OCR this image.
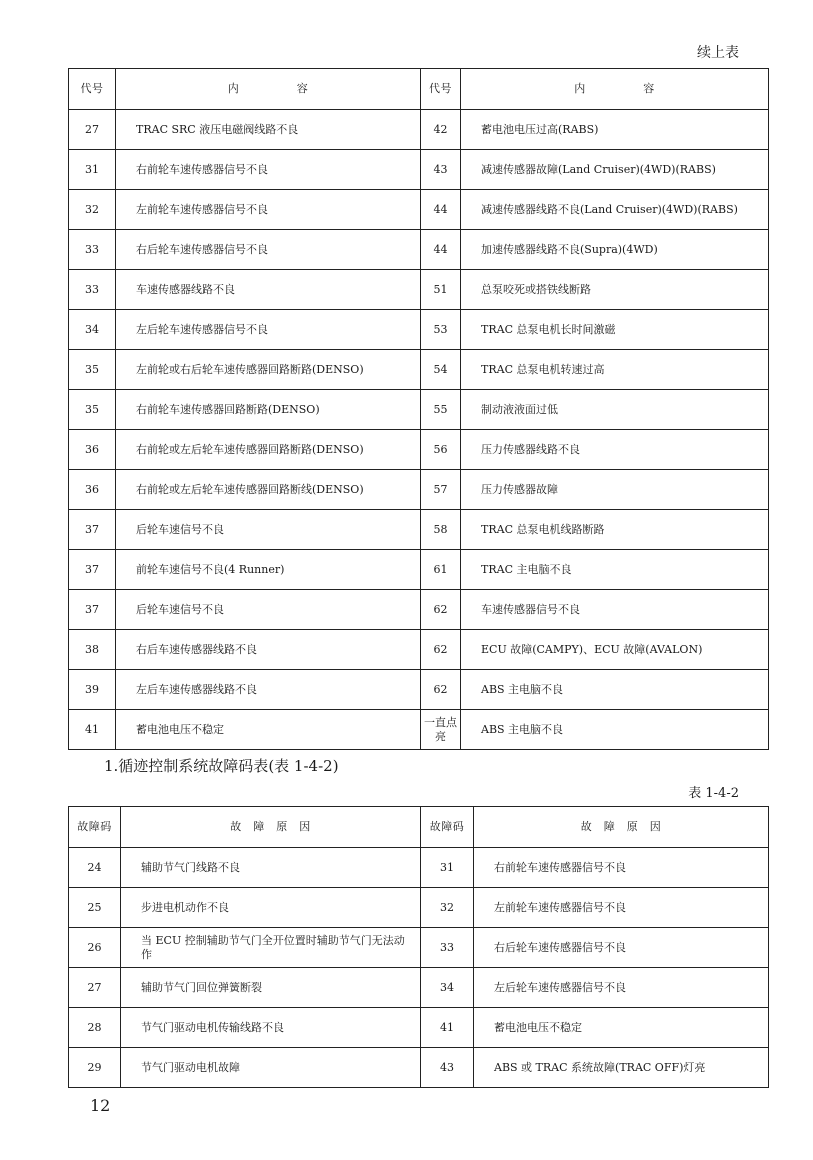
续上表
代号	内　　　　　容	代号	内　　　　　容
27	TRAC SRC 液压电磁阀线路不良	42	蓄电池电压过高(RABS)
31	右前轮车速传感器信号不良	43	减速传感器故障(Land Cruiser)(4WD)(RABS)
32	左前轮车速传感器信号不良	44	减速传感器线路不良(Land Cruiser)(4WD)(RABS)
33	右后轮车速传感器信号不良	44	加速传感器线路不良(Supra)(4WD)
33	车速传感器线路不良	51	总泵咬死或搭铁线断路
34	左后轮车速传感器信号不良	53	TRAC 总泵电机长时间激磁
35	左前轮或右后轮车速传感器回路断路(DENSO)	54	TRAC 总泵电机转速过高
35	右前轮车速传感器回路断路(DENSO)	55	制动液液面过低
36	右前轮或左后轮车速传感器回路断路(DENSO)	56	压力传感器线路不良
36	右前轮或左后轮车速传感器回路断线(DENSO)	57	压力传感器故障
37	后轮车速信号不良	58	TRAC 总泵电机线路断路
37	前轮车速信号不良(4 Runner)	61	TRAC 主电脑不良
37	后轮车速信号不良	62	车速传感器信号不良
38	右后车速传感器线路不良	62	ECU 故障(CAMPY)、ECU 故障(AVALON)
39	左后车速传感器线路不良	62	ABS 主电脑不良
41	蓄电池电压不稳定	一直点亮	ABS 主电脑不良
1.循迹控制系统故障码表(表 1-4-2)
表 1-4-2
故障码	故　障　原　因	故障码	故　障　原　因
24	辅助节气门线路不良	31	右前轮车速传感器信号不良
25	步进电机动作不良	32	左前轮车速传感器信号不良
26	当 ECU 控制辅助节气门全开位置时辅助节气门无法动作	33	右后轮车速传感器信号不良
27	辅助节气门回位弹簧断裂	34	左后轮车速传感器信号不良
28	节气门驱动电机传输线路不良	41	蓄电池电压不稳定
29	节气门驱动电机故障	43	ABS 或 TRAC 系统故障(TRAC OFF)灯亮
12
